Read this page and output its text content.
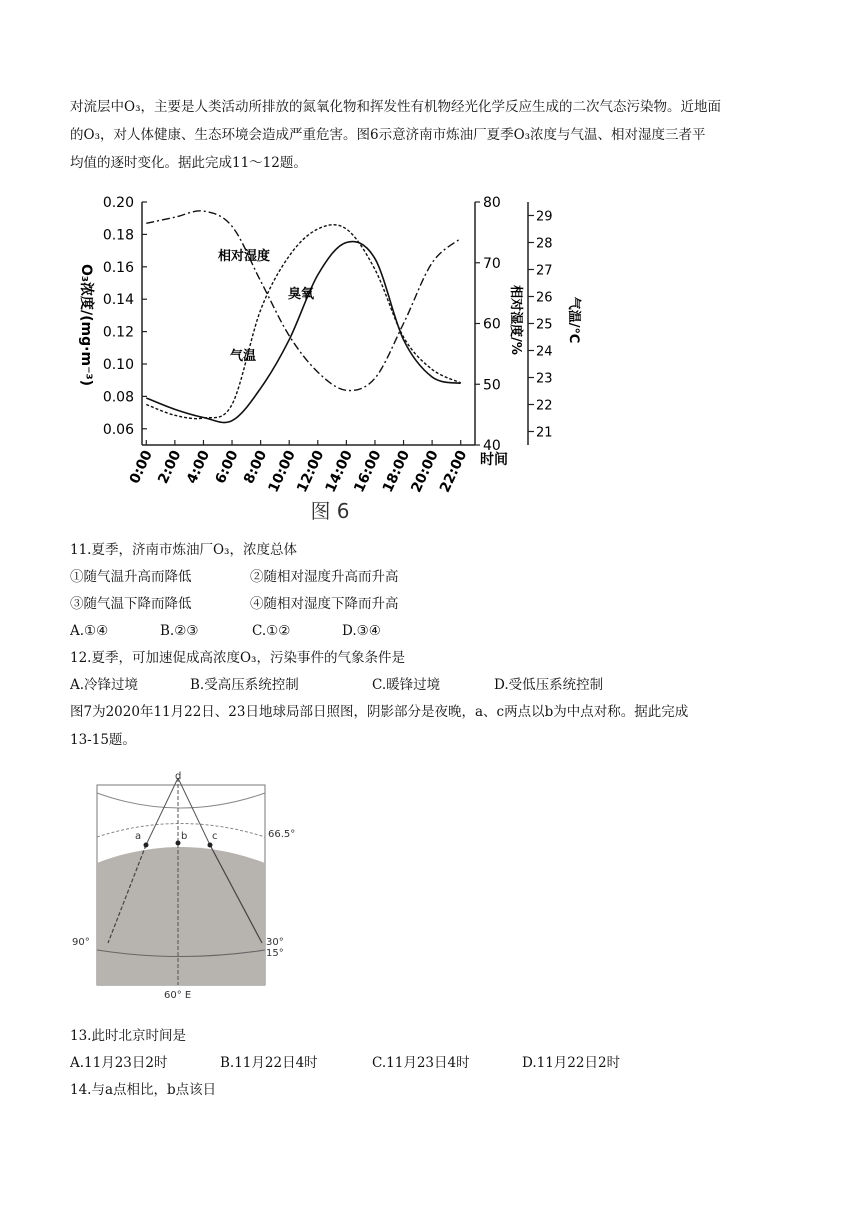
对流层中O₃，主要是人类活动所排放的氮氧化物和挥发性有机物经光化学反应生成的二次气态污染物。近地面
的O₃，对人体健康、生态环境会造成严重危害。图6示意济南市炼油厂夏季O₃浓度与气温、相对湿度三者平
均值的逐时变化。据此完成11～12题。
0.20
0.18
0.16
0.14
0.12
0.10
0.08
0.06
80
70
60
50
40
29
28
27
26
25
24
23
22
21
0:00 2:00 4:00 6:00 8:00
10:00
12:00
14:00
16:00
18:00
20:00
22:00
O₃浓度/(mg·m⁻³)	相对湿度/%	气温/℃
时间
相对湿度
臭氧
气温
图 6
11.夏季，济南市炼油厂O₃，浓度总体
①随气温升高而降低	②随相对湿度升高而升高
③随气温下降而降低	④随相对湿度下降而升高
A.①④	B.②③	C.①②	D.③④
12.夏季，可加速促成高浓度O₃，污染事件的气象条件是
A.冷锋过境	B.受高压系统控制	C.暖锋过境	D.受低压系统控制
图7为2020年11月22日、23日地球局部日照图，阴影部分是夜晚，a、c两点以b为中点对称。据此完成
13-15题。
d
a	b c	66.5°
90°	30°
15°
60° E
13.此时北京时间是
A.11月23日2时	B.11月22日4时	C.11月23日4时	D.11月22日2时
14.与a点相比，b点该日
